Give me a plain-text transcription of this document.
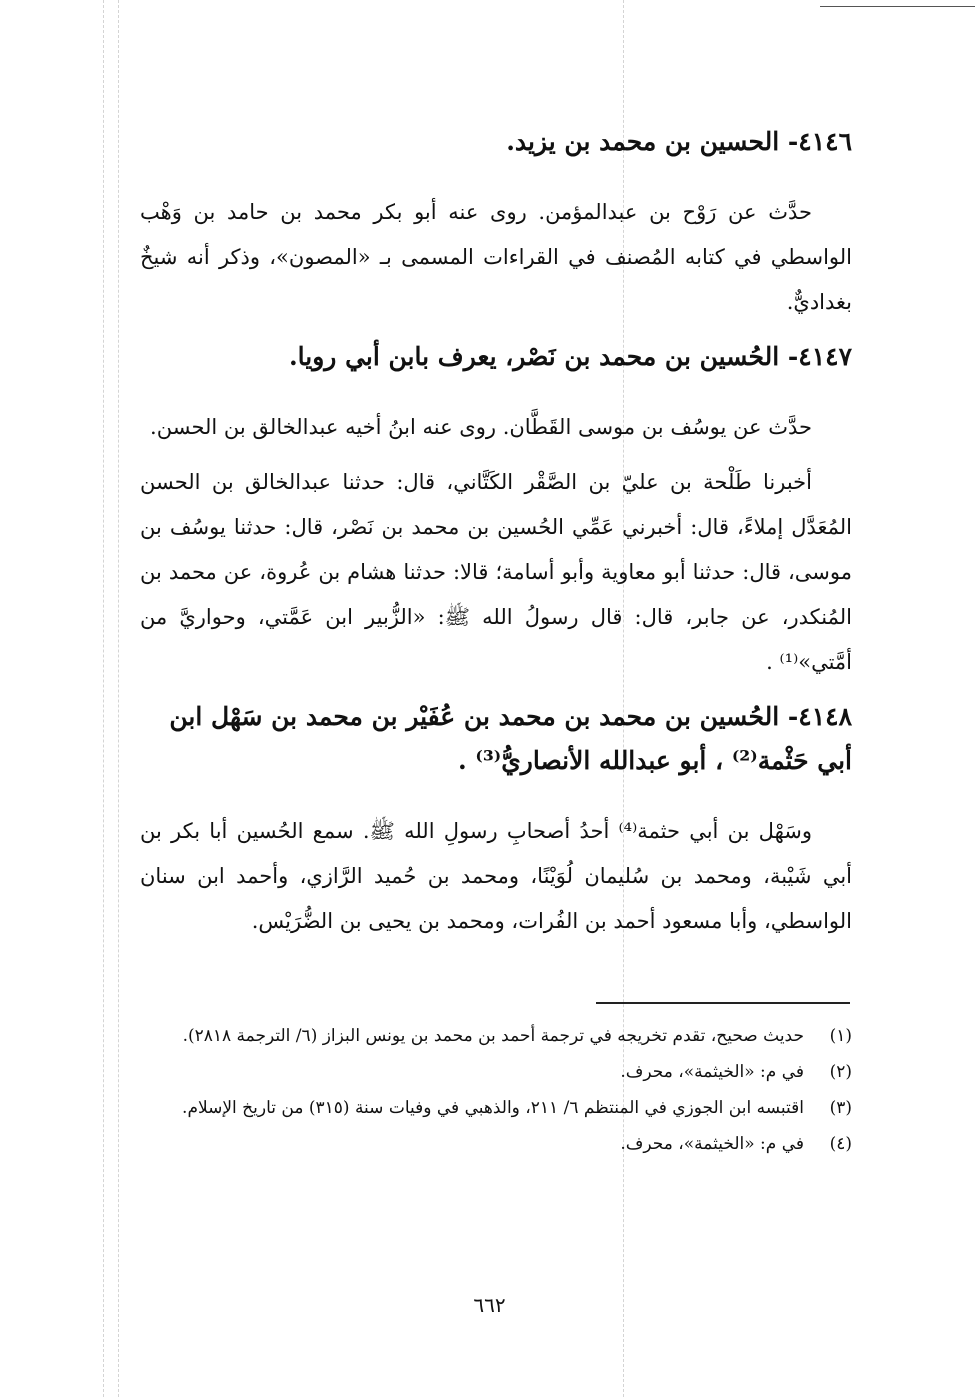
٤١٤٦- الحسين بن محمد بن يزيد.

حدَّث عن رَوْح بن عبدالمؤمن. روى عنه أبو بكر محمد بن حامد بن وَهْب الواسطي في كتابه المُصنف في القراءات المسمى بـ «المصون»، وذكر أنه شيخٌ بغداديٌّ.

٤١٤٧- الحُسين بن محمد بن نَصْر، يعرف بابن أبي رويا.

حدَّث عن يوسُف بن موسى القَطَّان. روى عنه ابنُ أخيه عبدالخالق بن الحسن.

أخبرنا طَلْحة بن عليّ بن الصَّقْر الكَتَّاني، قال: حدثنا عبدالخالق بن الحسن المُعَدَّل إملاءً، قال: أخبرني عَمِّي الحُسين بن محمد بن نَصْر، قال: حدثنا يوسُف بن موسى، قال: حدثنا أبو معاوية وأبو أسامة؛ قالا: حدثنا هشام بن عُروة، عن محمد بن المُنكدر، عن جابر، قال: قال رسولُ الله ﷺ: «الزُّبير ابن عَمَّتي، وحواريَّ من أمَّتي»⁽¹⁾ .

٤١٤٨- الحُسين بن محمد بن محمد بن عُفَيْر بن محمد بن سَهْل ابن أبي حَثْمة⁽²⁾ ، أبو عبدالله الأنصاريُّ⁽³⁾ .

وسَهْل بن أبي حثمة⁽⁴⁾ أحدُ أصحابِ رسولِ الله ﷺ. سمع الحُسين أبا بكر بن أبي شَيْبة، ومحمد بن سُليمان لُوَيْنًا، ومحمد بن حُميد الرَّازي، وأحمد ابن سنان الواسطي، وأبا مسعود أحمد بن الفُرات، ومحمد بن يحيى بن الضُّرَيْس.

(١)
حديث صحيح، تقدم تخريجه في ترجمة أحمد بن محمد بن يونس البزاز (٦/ الترجمة ٢٨١٨).
(٢)
في م: «الخيثمة»، محرف.
(٣)
اقتبسه ابن الجوزي في المنتظم ٦/ ٢١١، والذهبي في وفيات سنة (٣١٥) من تاريخ الإسلام.
(٤)
في م: «الخيثمة»، محرف.
٦٦٢
